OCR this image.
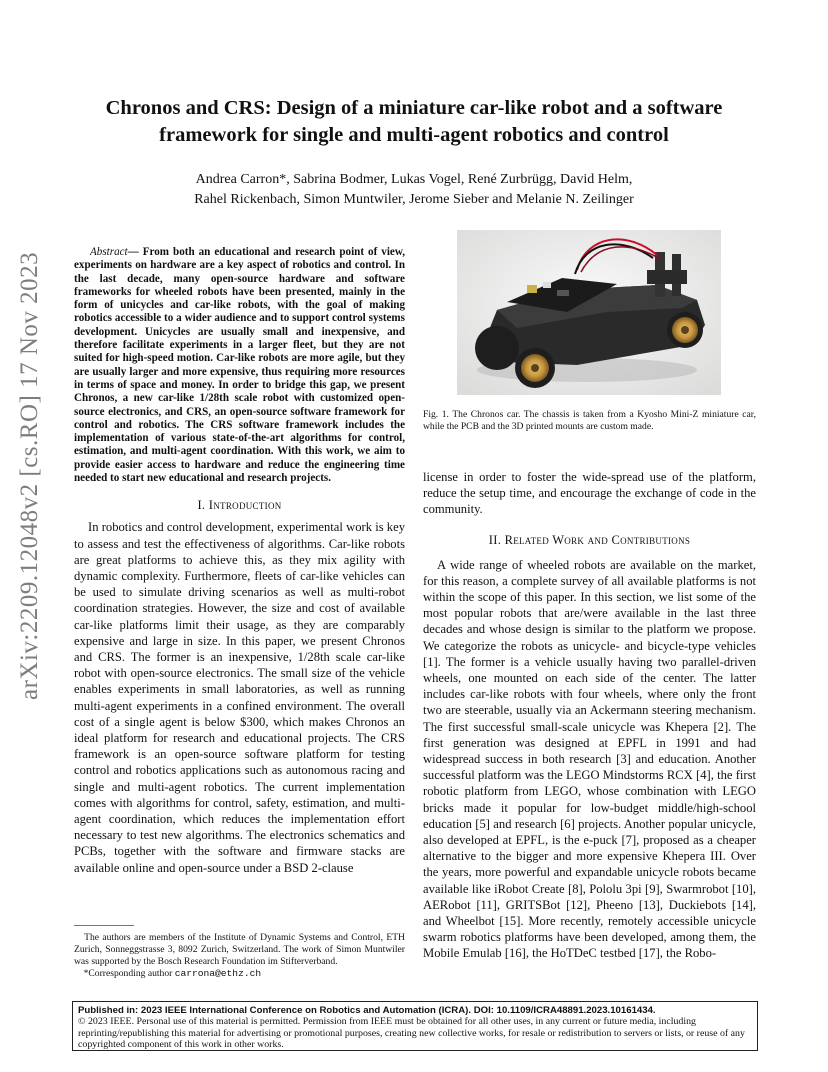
arXiv:2209.12048v2 [cs.RO] 17 Nov 2023
Chronos and CRS: Design of a miniature car-like robot and a software
framework for single and multi-agent robotics and control
Andrea Carron*, Sabrina Bodmer, Lukas Vogel, René Zurbrügg, David Helm,
Rahel Rickenbach, Simon Muntwiler, Jerome Sieber and Melanie N. Zeilinger
Abstract— From both an educational and research point of view, experiments on hardware are a key aspect of robotics and control. In the last decade, many open-source hardware and software frameworks for wheeled robots have been presented, mainly in the form of unicycles and car-like robots, with the goal of making robotics accessible to a wider audience and to support control systems development. Unicycles are usually small and inexpensive, and therefore facilitate experiments in a larger fleet, but they are not suited for high-speed motion. Car-like robots are more agile, but they are usually larger and more expensive, thus requiring more resources in terms of space and money. In order to bridge this gap, we present Chronos, a new car-like 1/28th scale robot with customized open-source electronics, and CRS, an open-source software framework for control and robotics. The CRS software framework includes the implementation of various state-of-the-art algorithms for control, estimation, and multi-agent coordination. With this work, we aim to provide easier access to hardware and reduce the engineering time needed to start new educational and research projects.
I. Introduction

In robotics and control development, experimental work is key to assess and test the effectiveness of algorithms. Car-like robots are great platforms to achieve this, as they mix agility with dynamic complexity. Furthermore, fleets of car-like vehicles can be used to simulate driving scenarios as well as multi-robot coordination strategies. However, the size and cost of available car-like platforms limit their usage, as they are comparably expensive and large in size. In this paper, we present Chronos and CRS. The former is an inexpensive, 1/28th scale car-like robot with open-source electronics. The small size of the vehicle enables experiments in small laboratories, as well as running multi-agent experiments in a confined environment. The overall cost of a single agent is below $300, which makes Chronos an ideal platform for research and educational projects. The CRS framework is an open-source software platform for testing control and robotics applications such as autonomous racing and single and multi-agent robotics. The current implementation comes with algorithms for control, safety, estimation, and multi-agent coordination, which reduces the implementation effort necessary to test new algorithms. The electronics schematics and PCBs, together with the software and firmware stacks are available online and open-source under a BSD 2-clause

The authors are members of the Institute of Dynamic Systems and Control, ETH Zurich, Sonneggstrasse 3, 8092 Zurich, Switzerland. The work of Simon Muntwiler was supported by the Bosch Research Foundation im Stifterverband.
*Corresponding author carrona@ethz.ch
Fig. 1. The Chronos car. The chassis is taken from a Kyosho Mini-Z miniature car, while the PCB and the 3D printed mounts are custom made.

license in order to foster the wide-spread use of the platform, reduce the setup time, and encourage the exchange of code in the community.

II. Related Work and Contributions

A wide range of wheeled robots are available on the market, for this reason, a complete survey of all available platforms is not within the scope of this paper. In this section, we list some of the most popular robots that are/were available in the last three decades and whose design is similar to the platform we propose. We categorize the robots as unicycle- and bicycle-type vehicles [1]. The former is a vehicle usually having two parallel-driven wheels, one mounted on each side of the center. The latter includes car-like robots with four wheels, where only the front two are steerable, usually via an Ackermann steering mechanism. The first successful small-scale unicycle was Khepera [2]. The first generation was designed at EPFL in 1991 and had widespread success in both research [3] and education. Another successful platform was the LEGO Mindstorms RCX [4], the first robotic platform from LEGO, whose combination with LEGO bricks made it popular for low-budget middle/high-school education [5] and research [6] projects. Another popular unicycle, also developed at EPFL, is the e-puck [7], proposed as a cheaper alternative to the bigger and more expensive Khepera III. Over the years, more powerful and expandable unicycle robots became available like iRobot Create [8], Pololu 3pi [9], Swarmrobot [10], AERobot [11], GRITSBot [12], Pheeno [13], Duckiebots [14], and Wheelbot [15]. More recently, remotely accessible unicycle swarm robotics platforms have been developed, among them, the Mobile Emulab [16], the HoTDeC testbed [17], the Robo-

Published in: 2023 IEEE International Conference on Robotics and Automation (ICRA). DOI: 10.1109/ICRA48891.2023.10161434.
© 2023 IEEE. Personal use of this material is permitted. Permission from IEEE must be obtained for all other uses, in any current or future media, including reprinting/republishing this material for advertising or promotional purposes, creating new collective works, for resale or redistribution to servers or lists, or reuse of any copyrighted component of this work in other works.
